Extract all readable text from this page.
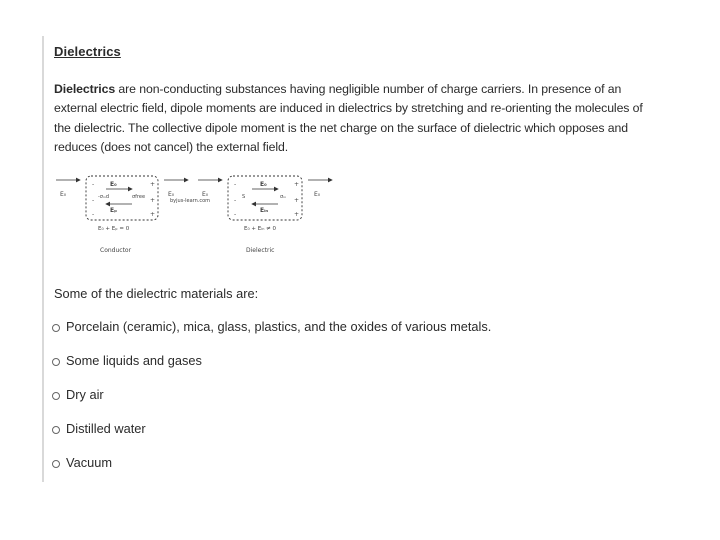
Dielectrics
Dielectrics are non-conducting substances having negligible number of charge carriers. In presence of an external electric field, dipole moments are induced in dielectrics by stretching and re-orienting the molecules of the dielectric. The collective dipole moment is the net charge on the surface of dielectric which opposes and reduces (does not cancel) the external field.
E₀
-
-
-
+
+
+
E₀
-σᵢₙd	σfree
Eₚ
E₀
E₀ + Eₚ = 0
Conductor
byjus-learn.com
E₀
-
-
-
+
+
+
E₀
S	σᵢₙ
Eᵢₙ
E₀
E₀ + Eᵢₙ ≠ 0
Dielectric
Some of the dielectric materials are:
Porcelain (ceramic), mica, glass, plastics, and the oxides of various metals.
Some liquids and gases
Dry air
Distilled water
Vacuum
